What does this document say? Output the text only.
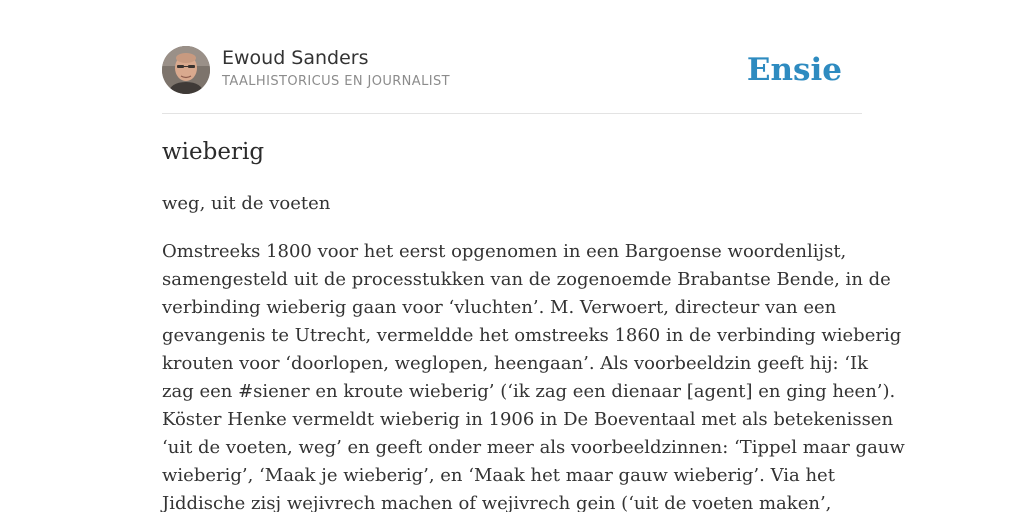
Ewoud Sanders
TAALHISTORICUS EN JOURNALIST	Ensie
wieberig

weg, uit de voeten

Omstreeks 1800 voor het eerst opgenomen in een Bargoense woordenlijst,
samengesteld uit de processtukken van de zogenoemde Brabantse Bende, in de
verbinding wieberig gaan voor ‘vluchten’. M. Verwoert, directeur van een
gevangenis te Utrecht, vermeldde het omstreeks 1860 in de verbinding wieberig
krouten voor ‘doorlopen, weglopen, heengaan’. Als voorbeeldzin geeft hij: ‘Ik
zag een #siener en kroute wieberig’ (‘ik zag een dienaar [agent] en ging heen’).
Köster Henke vermeldt wieberig in 1906 in De Boeventaal met als betekenissen
‘uit de voeten, weg’ en geeft onder meer als voorbeeldzinnen: ‘Tippel maar gauw
wieberig’, ‘Maak je wieberig’, en ‘Maak het maar gauw wieberig’. Via het
Jiddische zisj wejivrech machen of wejivrech gein (‘uit de voeten maken’,
